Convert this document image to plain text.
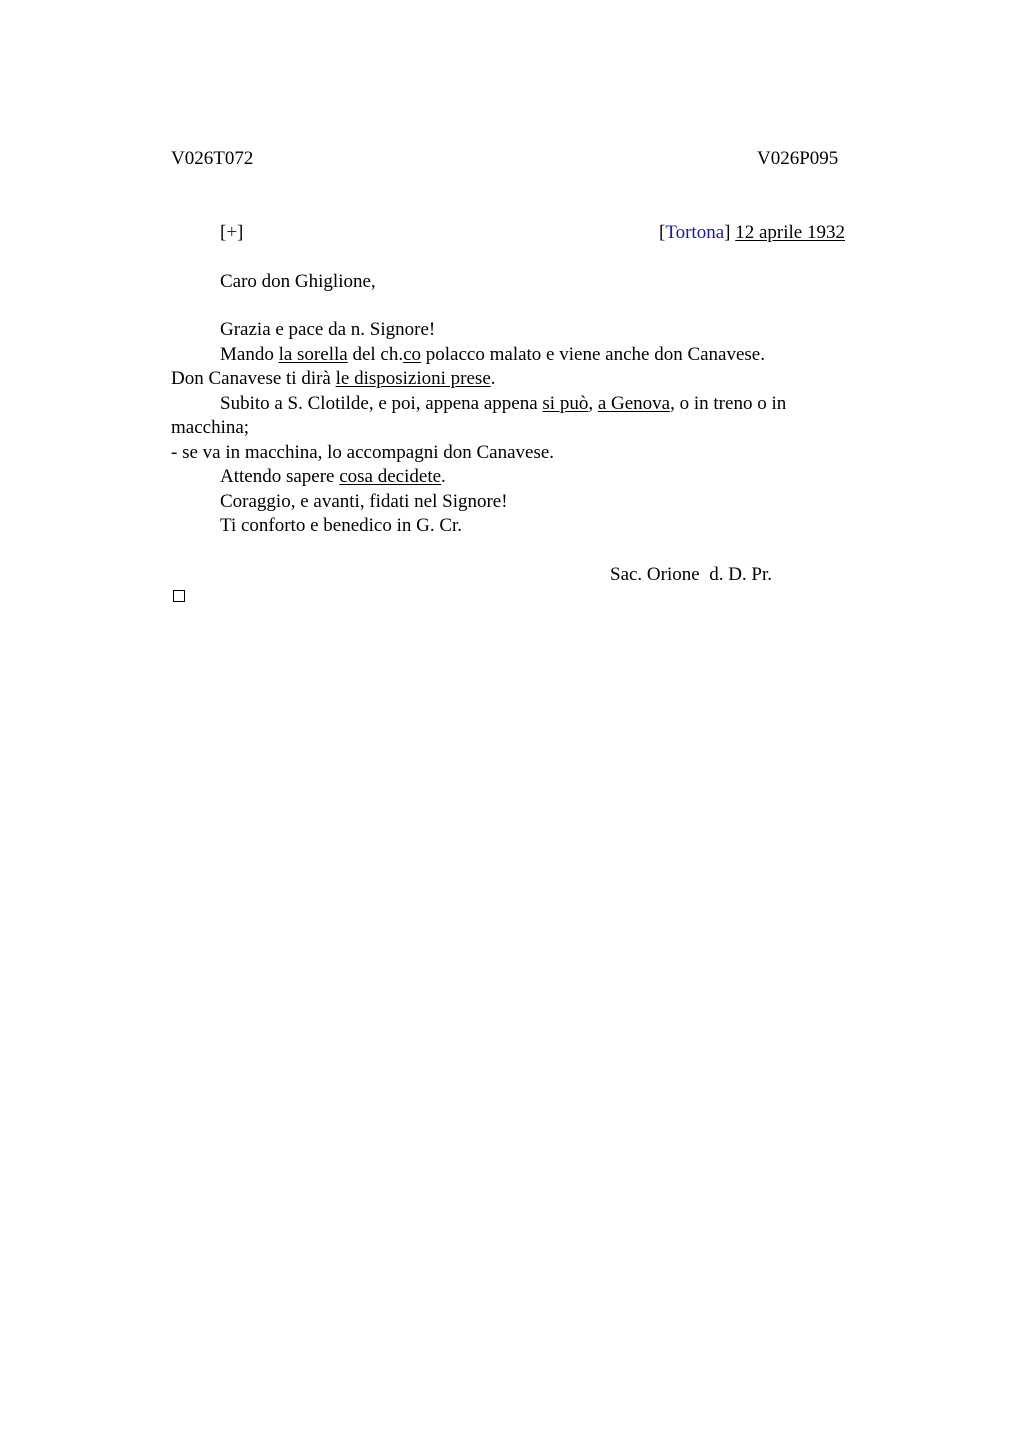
V026T072	V026P095
[+]	[Tortona] 12 aprile 1932
Caro don Ghiglione,
Grazia e pace da n. Signore!
Mando la sorella del ch.co polacco malato e viene anche don Canavese.
Don Canavese ti dirà le disposizioni prese.
Subito a S. Clotilde, e poi, appena appena si può, a Genova, o in treno o in
macchina;
- se va in macchina, lo accompagni don Canavese.
Attendo sapere cosa decidete.
Coraggio, e avanti, fidati nel Signore!
Ti conforto e benedico in G. Cr.
Sac. Orione  d. D. Pr.
